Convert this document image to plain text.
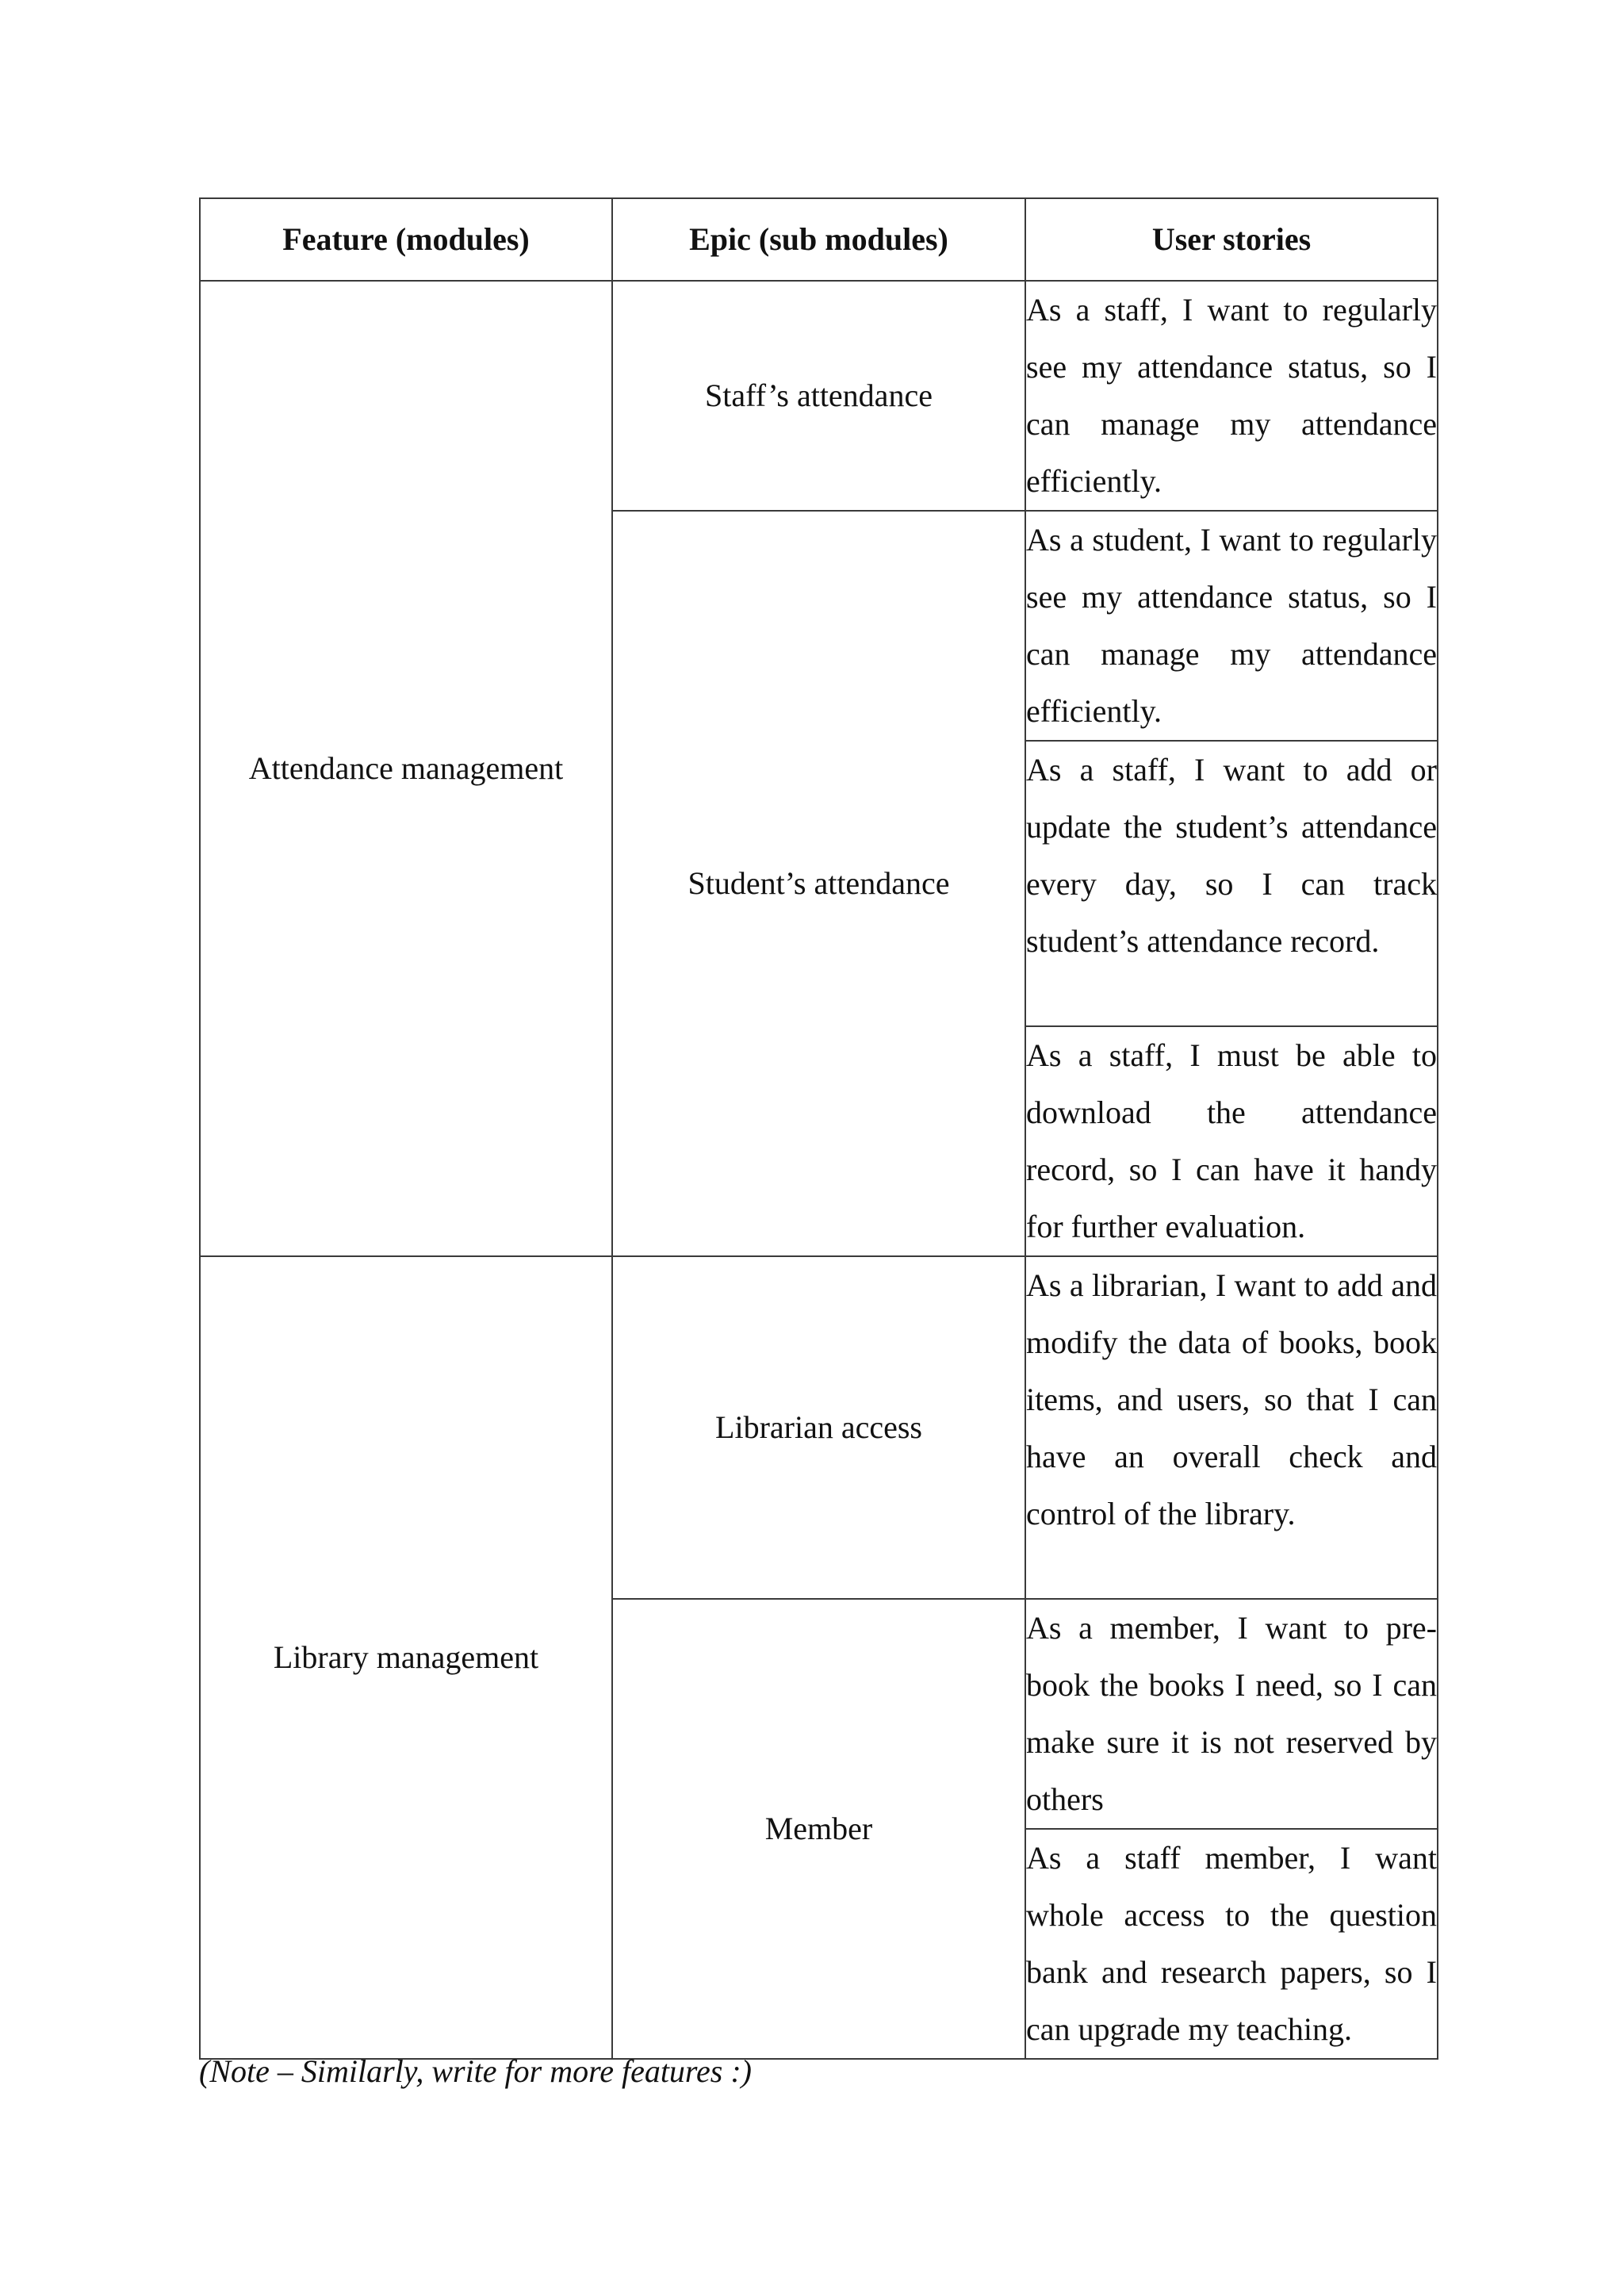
Feature (modules)	Epic (sub modules)	User stories
Attendance management	Staff’s attendance	As a staff, I want to regularly see my attendance status, so I can manage my attendance efficiently.
	Student’s attendance	As a student, I want to regularly see my attendance status, so I can manage my attendance efficiently.
		As a staff, I want to add or update the student’s attendance every day, so I can track student’s attendance record.
		As a staff, I must be able to download the attendance record, so I can have it handy for further evaluation.
Library management	Librarian access	As a librarian, I want to add and modify the data of books, book items, and users, so that I can have an overall check and control of the library.
	Member	As a member, I want to pre-book the books I need, so I can make sure it is not reserved by others
		As a staff member, I want whole access to the question bank and research papers, so I can upgrade my teaching.
(Note – Similarly, write for more features :)
